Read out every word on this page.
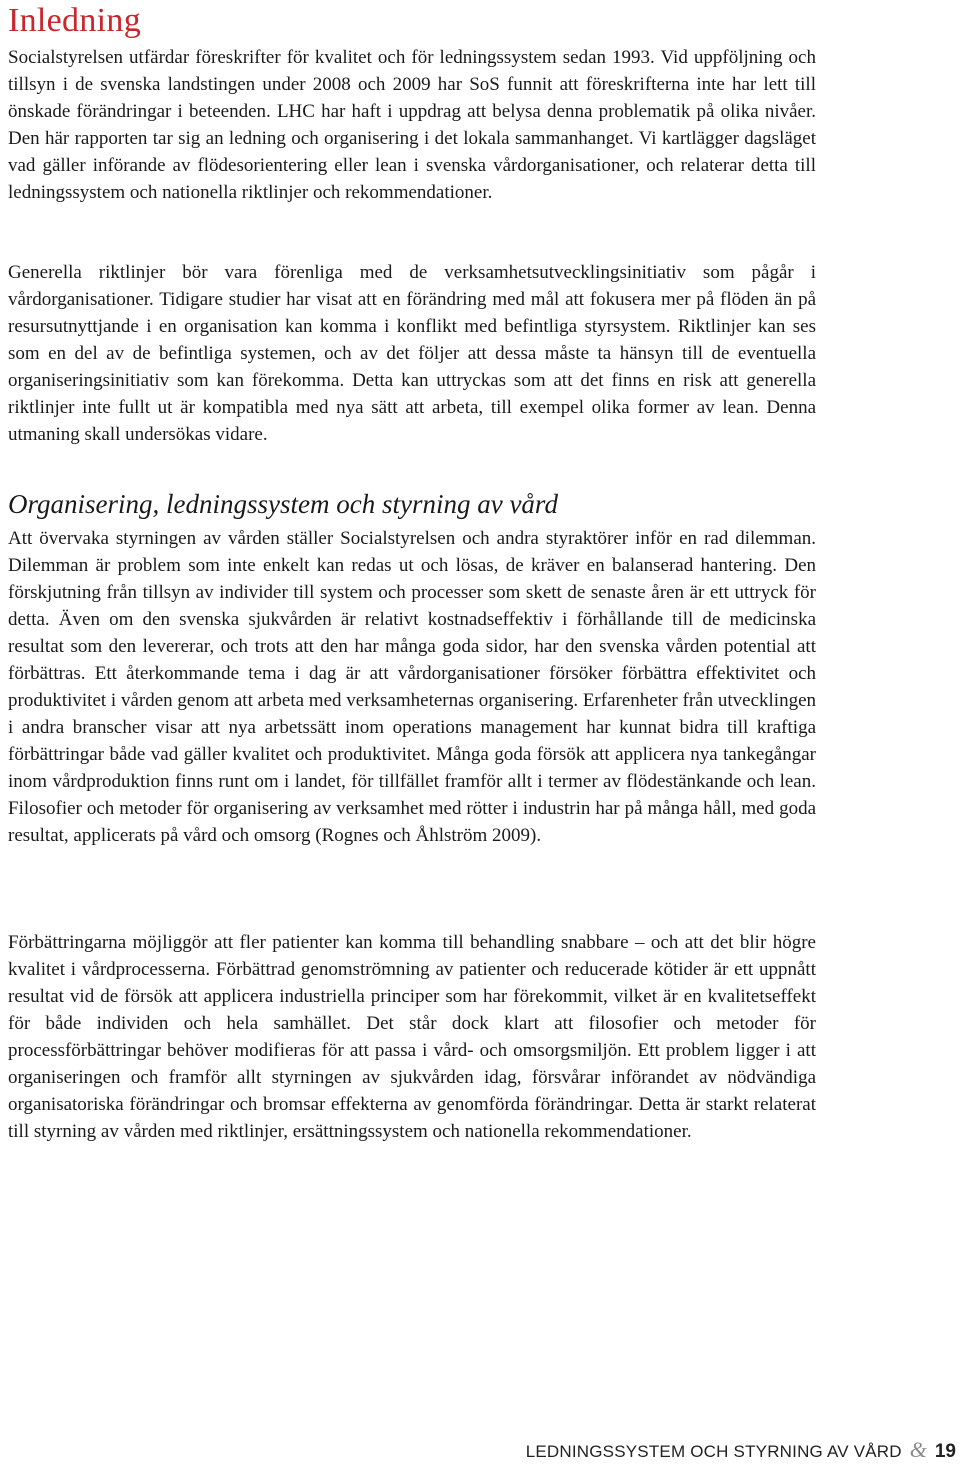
Inledning

Socialstyrelsen utfärdar föreskrifter för kvalitet och för ledningssystem sedan 1993. Vid uppföljning och tillsyn i de svenska landstingen under 2008 och 2009 har SoS funnit att föreskrifterna inte har lett till önskade förändringar i beteenden. LHC har haft i uppdrag att belysa denna problematik på olika nivåer. Den här rapporten tar sig an ledning och organisering i det lokala sammanhanget. Vi kartlägger dagsläget vad gäller införande av flödesorientering eller lean i svenska vårdorganisationer, och relaterar detta till ledningssystem och nationella riktlinjer och rekommendationer.

Generella riktlinjer bör vara förenliga med de verksamhetsutvecklingsinitiativ som pågår i vårdorganisationer. Tidigare studier har visat att en förändring med mål att fokusera mer på flöden än på resursutnyttjande i en organisation kan komma i konflikt med befintliga styrsystem. Riktlinjer kan ses som en del av de befintliga systemen, och av det följer att dessa måste ta hänsyn till de eventuella organiseringsinitiativ som kan förekomma. Detta kan uttryckas som att det finns en risk att generella riktlinjer inte fullt ut är kompatibla med nya sätt att arbeta, till exempel olika former av lean. Denna utmaning skall undersökas vidare.

Organisering, ledningssystem och styrning av vård

Att övervaka styrningen av vården ställer Socialstyrelsen och andra styraktörer inför en rad dilemman. Dilemman är problem som inte enkelt kan redas ut och lösas, de kräver en balanserad hantering. Den förskjutning från tillsyn av individer till system och processer som skett de senaste åren är ett uttryck för detta. Även om den svenska sjukvården är relativt kostnadseffektiv i förhållande till de medicinska resultat som den levererar, och trots att den har många goda sidor, har den svenska vården potential att förbättras. Ett återkommande tema i dag är att vårdorganisationer försöker förbättra effektivitet och produktivitet i vården genom att arbeta med verksamheternas organisering. Erfarenheter från utvecklingen i andra branscher visar att nya arbetssätt inom operations management har kunnat bidra till kraftiga förbättringar både vad gäller kvalitet och produktivitet. Många goda försök att applicera nya tankegångar inom vårdproduktion finns runt om i landet, för tillfället framför allt i termer av flödestänkande och lean. Filosofier och metoder för organisering av verksamhet med rötter i industrin har på många håll, med goda resultat, applicerats på vård och omsorg (Rognes och Åhlström 2009).

Förbättringarna möjliggör att fler patienter kan komma till behandling snabbare – och att det blir högre kvalitet i vårdprocesserna. Förbättrad genomströmning av patienter och reducerade kötider är ett uppnått resultat vid de försök att applicera industriella principer som har förekommit, vilket är en kvalitetseffekt för både individen och hela samhället. Det står dock klart att filosofier och metoder för processförbättringar behöver modifieras för att passa i vård- och omsorgsmiljön. Ett problem ligger i att organiseringen och framför allt styrningen av sjukvården idag, försvårar införandet av nödvändiga organisatoriska förändringar och bromsar effekterna av genomförda förändringar. Detta är starkt relaterat till styrning av vården med riktlinjer, ersättningssystem och nationella rekommendationer.

LEDNINGSSYSTEM OCH STYRNING AV VÅRD & 19
